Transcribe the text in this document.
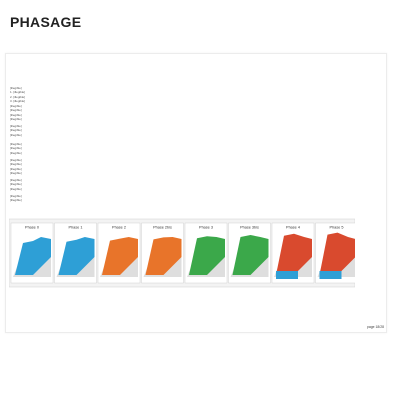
PHASAGE
[illegible]
1. [illegible]
2. [illegible]
3. [illegible]
[illegible]
[illegible]
[illegible]
[illegible]
[illegible]
[illegible]
[illegible]
[illegible]
[illegible]
[illegible]
[illegible]
[illegible]
[illegible]
[illegible]
[illegible]
[illegible]
[illegible]
[illegible]
[illegible]
Phase 0	Phase 1	Phase 2	Phase 2bis	Phase 3	Phase 3bis	Phase 4	Phase 5
page 18/28
